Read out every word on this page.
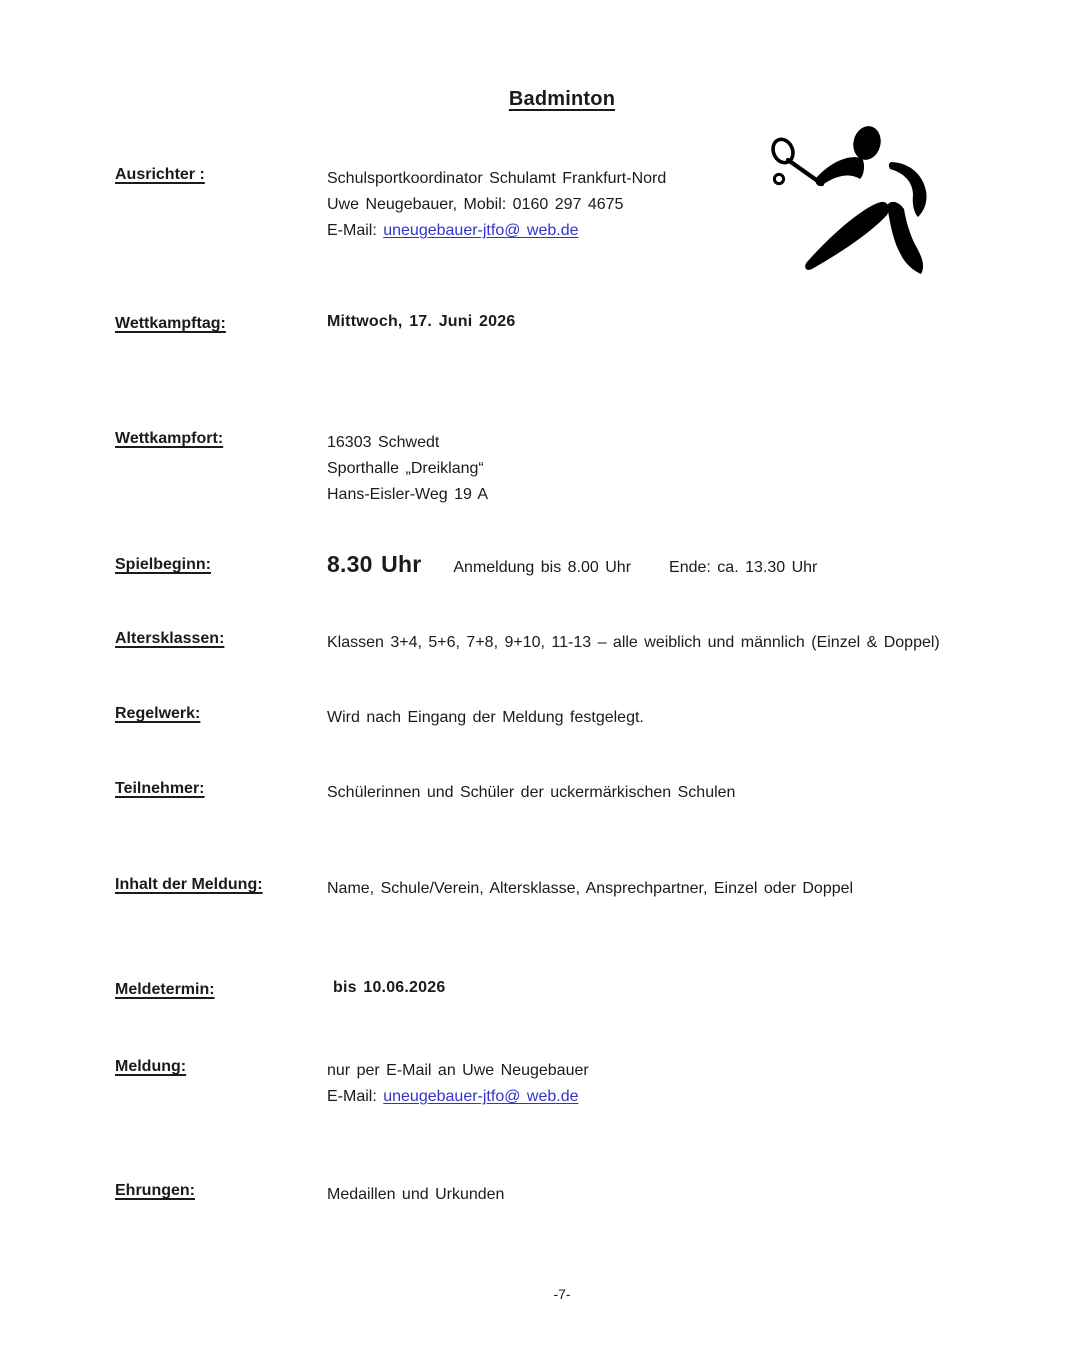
Badminton
Ausrichter :	Schulsportkoordinator Schulamt Frankfurt-Nord
Uwe Neugebauer, Mobil: 0160 297 4675
E-Mail: uneugebauer-jtfo@ web.de
Wettkampftag:	Mittwoch, 17. Juni 2026
Wettkampfort:	16303 Schwedt
Sporthalle „Dreiklang“
Hans-Eisler-Weg 19 A
Spielbeginn:	8.30 Uhr Anmeldung bis 8.00 Uhr Ende: ca. 13.30 Uhr
Altersklassen:	Klassen 3+4, 5+6, 7+8, 9+10, 11-13 – alle weiblich und männlich (Einzel & Doppel)
Regelwerk:	Wird nach Eingang der Meldung festgelegt.
Teilnehmer:	Schülerinnen und Schüler der uckermärkischen Schulen
Inhalt der Meldung:	Name, Schule/Verein, Altersklasse, Ansprechpartner, Einzel oder Doppel
Meldetermin:	bis 10.06.2026
Meldung:	nur per E-Mail an Uwe Neugebauer
E-Mail: uneugebauer-jtfo@ web.de
Ehrungen:	Medaillen und Urkunden
-7-
